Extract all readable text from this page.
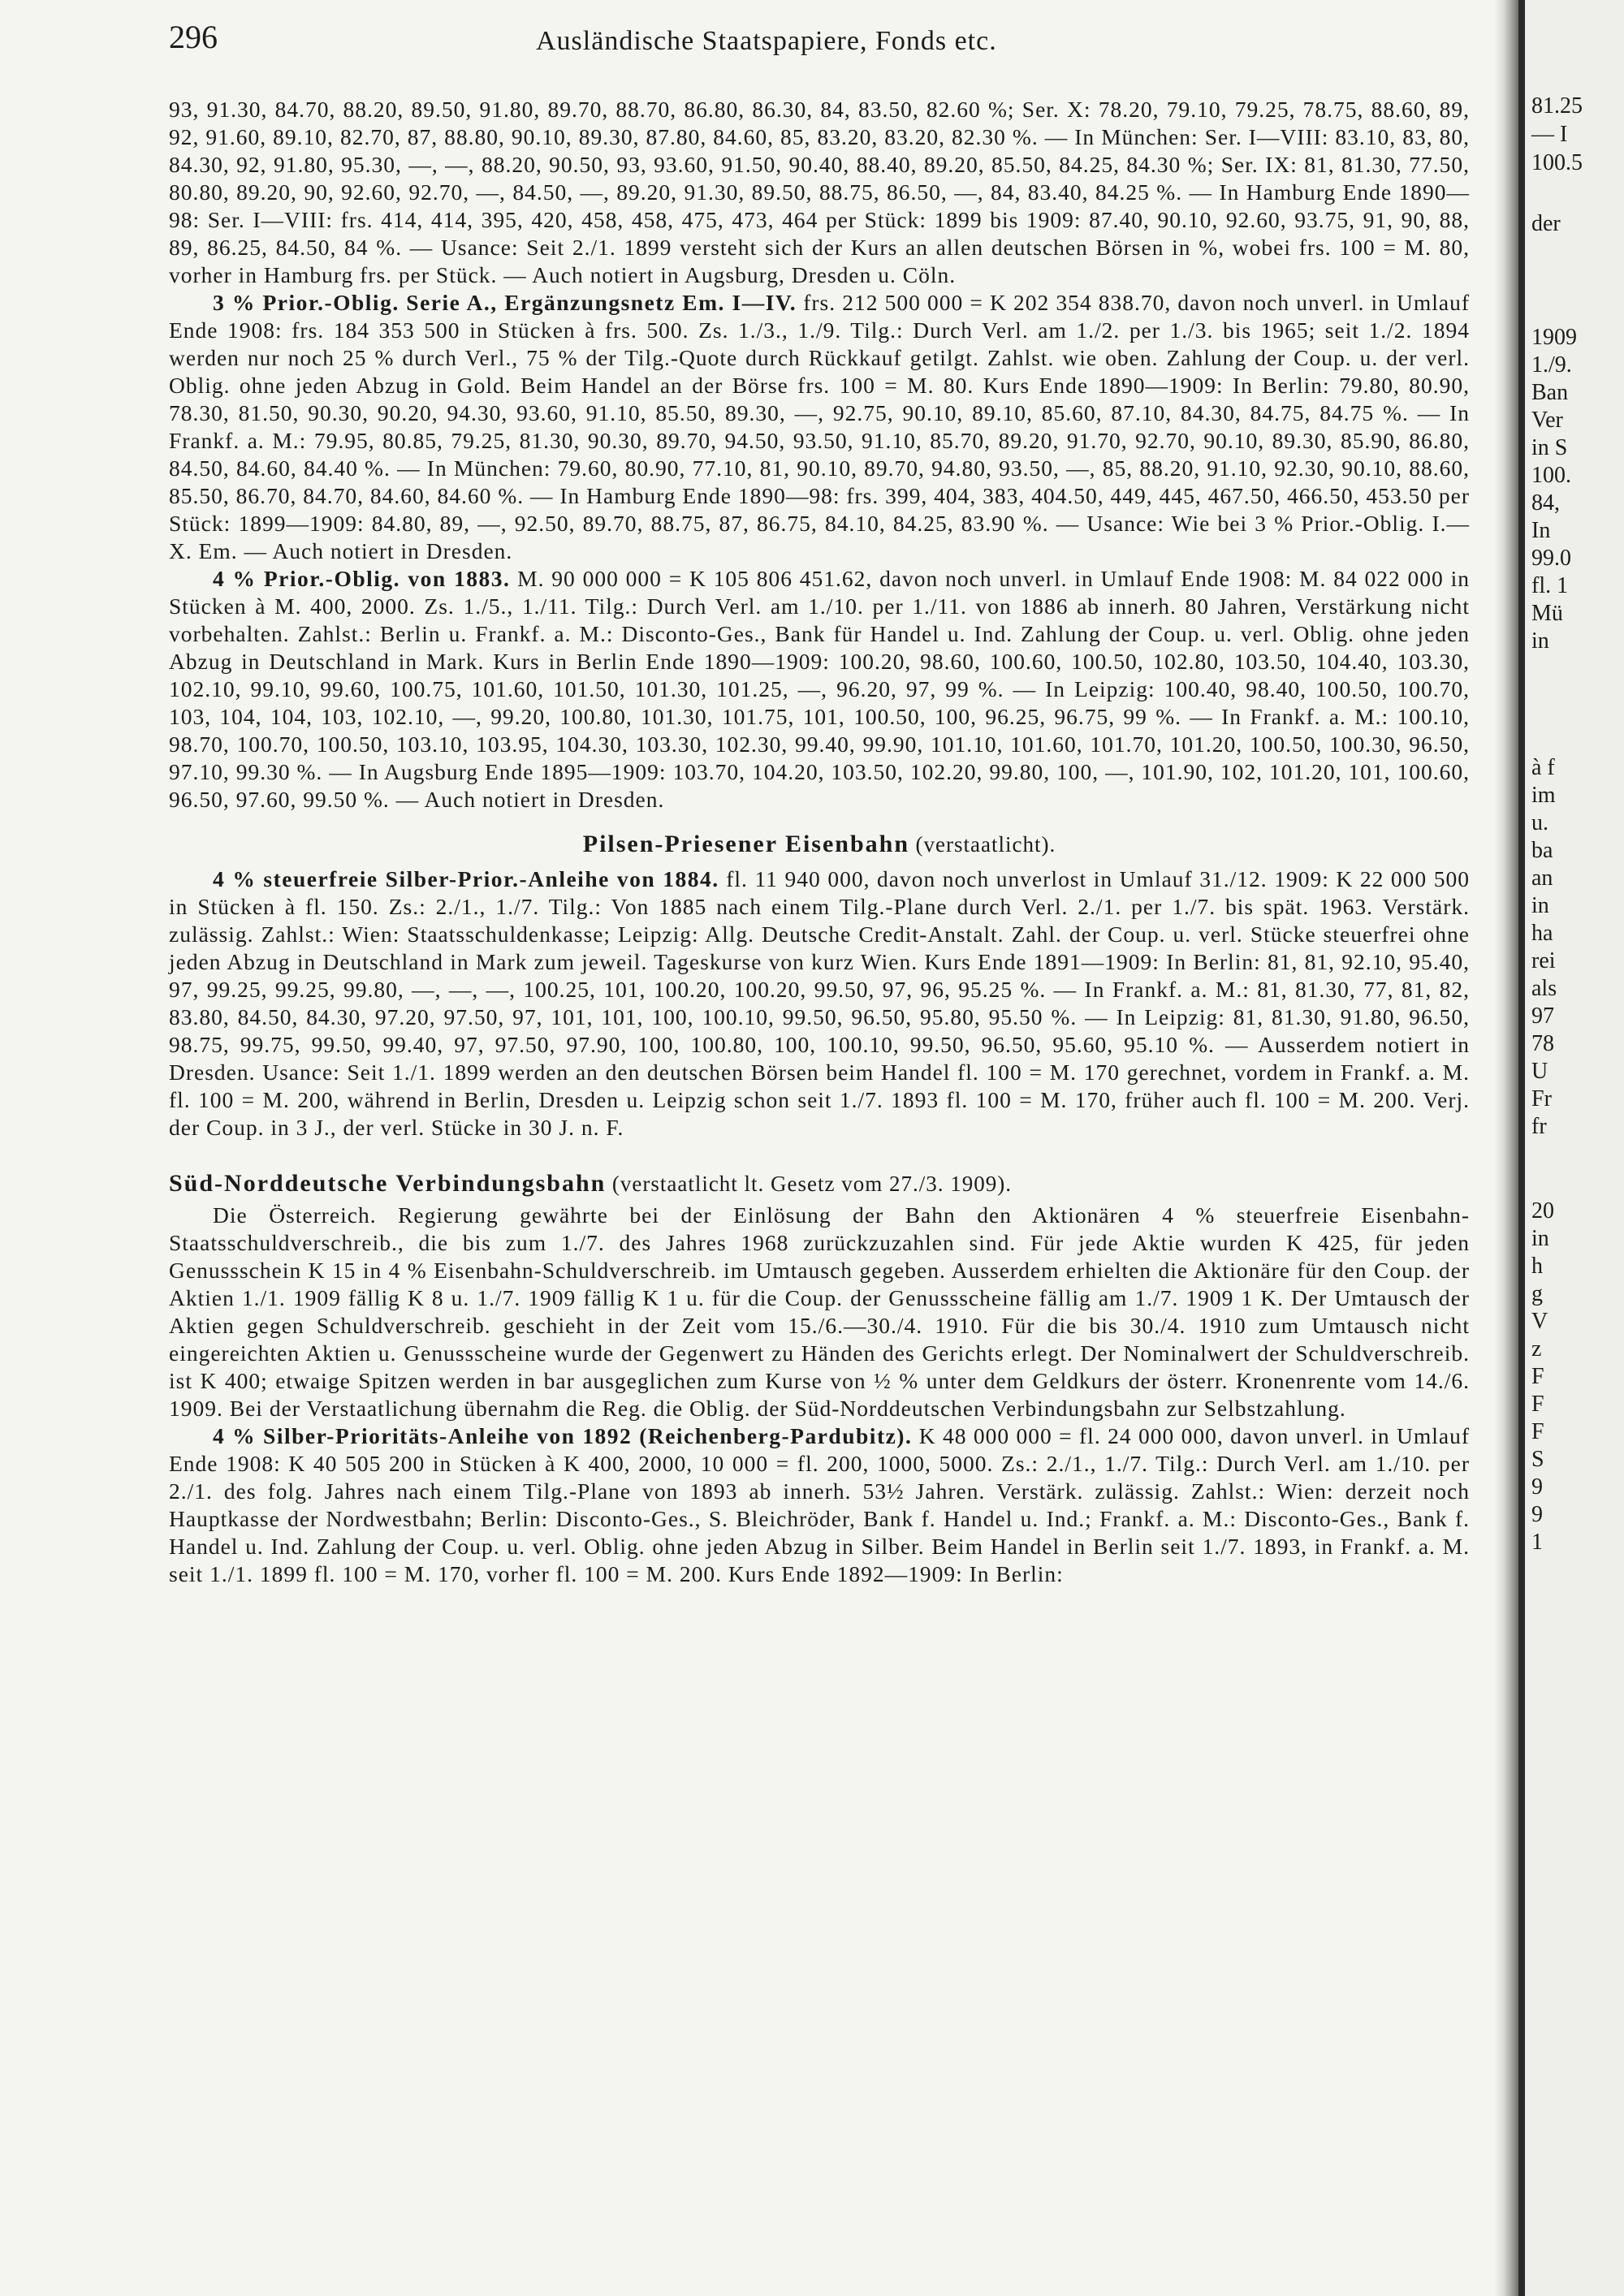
296	Ausländische Staatspapiere, Fonds etc.

93, 91.30, 84.70, 88.20, 89.50, 91.80, 89.70, 88.70, 86.80, 86.30, 84, 83.50, 82.60 %; Ser. X: 78.20, 79.10, 79.25, 78.75, 88.60, 89, 92, 91.60, 89.10, 82.70, 87, 88.80, 90.10, 89.30, 87.80, 84.60, 85, 83.20, 83.20, 82.30 %. — In München: Ser. I—VIII: 83.10, 83, 80, 84.30, 92, 91.80, 95.30, —, —, 88.20, 90.50, 93, 93.60, 91.50, 90.40, 88.40, 89.20, 85.50, 84.25, 84.30 %; Ser. IX: 81, 81.30, 77.50, 80.80, 89.20, 90, 92.60, 92.70, —, 84.50, —, 89.20, 91.30, 89.50, 88.75, 86.50, —, 84, 83.40, 84.25 %. — In Hamburg Ende 1890—98: Ser. I—VIII: frs. 414, 414, 395, 420, 458, 458, 475, 473, 464 per Stück: 1899 bis 1909: 87.40, 90.10, 92.60, 93.75, 91, 90, 88, 89, 86.25, 84.50, 84 %. — Usance: Seit 2./1. 1899 versteht sich der Kurs an allen deutschen Börsen in %, wobei frs. 100 = M. 80, vorher in Hamburg frs. per Stück. — Auch notiert in Augsburg, Dresden u. Cöln.

3 % Prior.-Oblig. Serie A., Ergänzungsnetz Em. I—IV. frs. 212 500 000 = K 202 354 838.70, davon noch unverl. in Umlauf Ende 1908: frs. 184 353 500 in Stücken à frs. 500. Zs. 1./3., 1./9. Tilg.: Durch Verl. am 1./2. per 1./3. bis 1965; seit 1./2. 1894 werden nur noch 25 % durch Verl., 75 % der Tilg.-Quote durch Rückkauf getilgt. Zahlst. wie oben. Zahlung der Coup. u. der verl. Oblig. ohne jeden Abzug in Gold. Beim Handel an der Börse frs. 100 = M. 80. Kurs Ende 1890—1909: In Berlin: 79.80, 80.90, 78.30, 81.50, 90.30, 90.20, 94.30, 93.60, 91.10, 85.50, 89.30, —, 92.75, 90.10, 89.10, 85.60, 87.10, 84.30, 84.75, 84.75 %. — In Frankf. a. M.: 79.95, 80.85, 79.25, 81.30, 90.30, 89.70, 94.50, 93.50, 91.10, 85.70, 89.20, 91.70, 92.70, 90.10, 89.30, 85.90, 86.80, 84.50, 84.60, 84.40 %. — In München: 79.60, 80.90, 77.10, 81, 90.10, 89.70, 94.80, 93.50, —, 85, 88.20, 91.10, 92.30, 90.10, 88.60, 85.50, 86.70, 84.70, 84.60, 84.60 %. — In Hamburg Ende 1890—98: frs. 399, 404, 383, 404.50, 449, 445, 467.50, 466.50, 453.50 per Stück: 1899—1909: 84.80, 89, —, 92.50, 89.70, 88.75, 87, 86.75, 84.10, 84.25, 83.90 %. — Usance: Wie bei 3 % Prior.-Oblig. I.—X. Em. — Auch notiert in Dresden.

4 % Prior.-Oblig. von 1883. M. 90 000 000 = K 105 806 451.62, davon noch unverl. in Umlauf Ende 1908: M. 84 022 000 in Stücken à M. 400, 2000. Zs. 1./5., 1./11. Tilg.: Durch Verl. am 1./10. per 1./11. von 1886 ab innerh. 80 Jahren, Verstärkung nicht vorbehalten. Zahlst.: Berlin u. Frankf. a. M.: Disconto-Ges., Bank für Handel u. Ind. Zahlung der Coup. u. verl. Oblig. ohne jeden Abzug in Deutschland in Mark. Kurs in Berlin Ende 1890—1909: 100.20, 98.60, 100.60, 100.50, 102.80, 103.50, 104.40, 103.30, 102.10, 99.10, 99.60, 100.75, 101.60, 101.50, 101.30, 101.25, —, 96.20, 97, 99 %. — In Leipzig: 100.40, 98.40, 100.50, 100.70, 103, 104, 104, 103, 102.10, —, 99.20, 100.80, 101.30, 101.75, 101, 100.50, 100, 96.25, 96.75, 99 %. — In Frankf. a. M.: 100.10, 98.70, 100.70, 100.50, 103.10, 103.95, 104.30, 103.30, 102.30, 99.40, 99.90, 101.10, 101.60, 101.70, 101.20, 100.50, 100.30, 96.50, 97.10, 99.30 %. — In Augsburg Ende 1895—1909: 103.70, 104.20, 103.50, 102.20, 99.80, 100, —, 101.90, 102, 101.20, 101, 100.60, 96.50, 97.60, 99.50 %. — Auch notiert in Dresden.

Pilsen-Priesener Eisenbahn (verstaatlicht).

4 % steuerfreie Silber-Prior.-Anleihe von 1884. fl. 11 940 000, davon noch unverlost in Umlauf 31./12. 1909: K 22 000 500 in Stücken à fl. 150. Zs.: 2./1., 1./7. Tilg.: Von 1885 nach einem Tilg.-Plane durch Verl. 2./1. per 1./7. bis spät. 1963. Verstärk. zulässig. Zahlst.: Wien: Staatsschuldenkasse; Leipzig: Allg. Deutsche Credit-Anstalt. Zahl. der Coup. u. verl. Stücke steuerfrei ohne jeden Abzug in Deutschland in Mark zum jeweil. Tageskurse von kurz Wien. Kurs Ende 1891—1909: In Berlin: 81, 81, 92.10, 95.40, 97, 99.25, 99.25, 99.80, —, —, —, 100.25, 101, 100.20, 100.20, 99.50, 97, 96, 95.25 %. — In Frankf. a. M.: 81, 81.30, 77, 81, 82, 83.80, 84.50, 84.30, 97.20, 97.50, 97, 101, 101, 100, 100.10, 99.50, 96.50, 95.80, 95.50 %. — In Leipzig: 81, 81.30, 91.80, 96.50, 98.75, 99.75, 99.50, 99.40, 97, 97.50, 97.90, 100, 100.80, 100, 100.10, 99.50, 96.50, 95.60, 95.10 %. — Ausserdem notiert in Dresden. Usance: Seit 1./1. 1899 werden an den deutschen Börsen beim Handel fl. 100 = M. 170 gerechnet, vordem in Frankf. a. M. fl. 100 = M. 200, während in Berlin, Dresden u. Leipzig schon seit 1./7. 1893 fl. 100 = M. 170, früher auch fl. 100 = M. 200. Verj. der Coup. in 3 J., der verl. Stücke in 30 J. n. F.

Süd-Norddeutsche Verbindungsbahn (verstaatlicht lt. Gesetz vom 27./3. 1909).

Die Österreich. Regierung gewährte bei der Einlösung der Bahn den Aktionären 4 % steuerfreie Eisenbahn-Staatsschuldverschreib., die bis zum 1./7. des Jahres 1968 zurückzuzahlen sind. Für jede Aktie wurden K 425, für jeden Genussschein K 15 in 4 % Eisenbahn-Schuldverschreib. im Umtausch gegeben. Ausserdem erhielten die Aktionäre für den Coup. der Aktien 1./1. 1909 fällig K 8 u. 1./7. 1909 fällig K 1 u. für die Coup. der Genussscheine fällig am 1./7. 1909 1 K. Der Umtausch der Aktien gegen Schuldverschreib. geschieht in der Zeit vom 15./6.—30./4. 1910. Für die bis 30./4. 1910 zum Umtausch nicht eingereichten Aktien u. Genussscheine wurde der Gegenwert zu Händen des Gerichts erlegt. Der Nominalwert der Schuldverschreib. ist K 400; etwaige Spitzen werden in bar ausgeglichen zum Kurse von ½ % unter dem Geldkurs der österr. Kronenrente vom 14./6. 1909. Bei der Verstaatlichung übernahm die Reg. die Oblig. der Süd-Norddeutschen Verbindungsbahn zur Selbstzahlung.

4 % Silber-Prioritäts-Anleihe von 1892 (Reichenberg-Pardubitz). K 48 000 000 = fl. 24 000 000, davon unverl. in Umlauf Ende 1908: K 40 505 200 in Stücken à K 400, 2000, 10 000 = fl. 200, 1000, 5000. Zs.: 2./1., 1./7. Tilg.: Durch Verl. am 1./10. per 2./1. des folg. Jahres nach einem Tilg.-Plane von 1893 ab innerh. 53½ Jahren. Verstärk. zulässig. Zahlst.: Wien: derzeit noch Hauptkasse der Nordwestbahn; Berlin: Disconto-Ges., S. Bleichröder, Bank f. Handel u. Ind.; Frankf. a. M.: Disconto-Ges., Bank f. Handel u. Ind. Zahlung der Coup. u. verl. Oblig. ohne jeden Abzug in Silber. Beim Handel in Berlin seit 1./7. 1893, in Frankf. a. M. seit 1./1. 1899 fl. 100 = M. 170, vorher fl. 100 = M. 200. Kurs Ende 1892—1909: In Berlin:

81.25
— I
100.5
der
1909
1./9.
Ban
Ver
in S
100.
84,
In
99.0
fl. 1
Mü
in
à f
im
u.
ba
an
in
ha
rei
als
97
78
U
Fr
fr
20
in
h
g
V
z
F
F
F
S
9
9
1
